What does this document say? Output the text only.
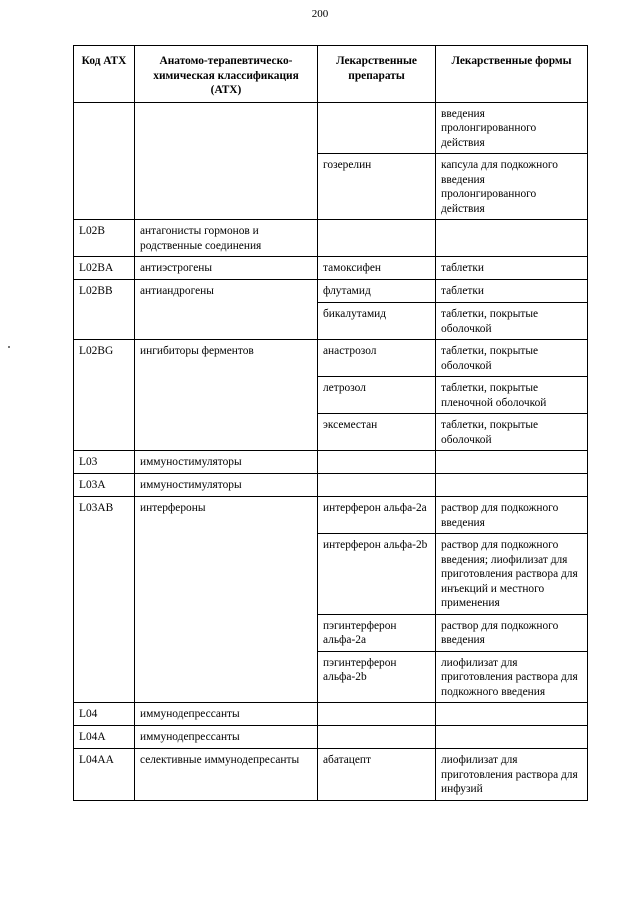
200
Код АТХ	Анатомо-терапевтическо-химическая классификация (АТХ)	Лекарственные препараты	Лекарственные формы
			введения пролонгированного действия
		гозерелин	капсула для подкожного введения пролонгированного действия
L02B	антагонисты гормонов и родственные соединения		
L02BA	антиэстрогены	тамоксифен	таблетки
L02BB	антиандрогены	флутамид	таблетки
		бикалутамид	таблетки, покрытые оболочкой
L02BG	ингибиторы ферментов	анастрозол	таблетки, покрытые оболочкой
		летрозол	таблетки, покрытые пленочной оболочкой
		эксеместан	таблетки, покрытые оболочкой
L03	иммуностимуляторы		
L03A	иммуностимуляторы		
L03AB	интерфероны	интерферон альфа-2a	раствор для подкожного введения
		интерферон альфа-2b	раствор для подкожного введения; лиофилизат для приготовления раствора для инъекций и местного применения
		пэгинтерферон альфа-2a	раствор для подкожного введения
		пэгинтерферон альфа-2b	лиофилизат для приготовления раствора для подкожного введения
L04	иммунодепрессанты		
L04A	иммунодепрессанты		
L04AA	селективные иммунодепресанты	абатацепт	лиофилизат для приготовления раствора для инфузий
